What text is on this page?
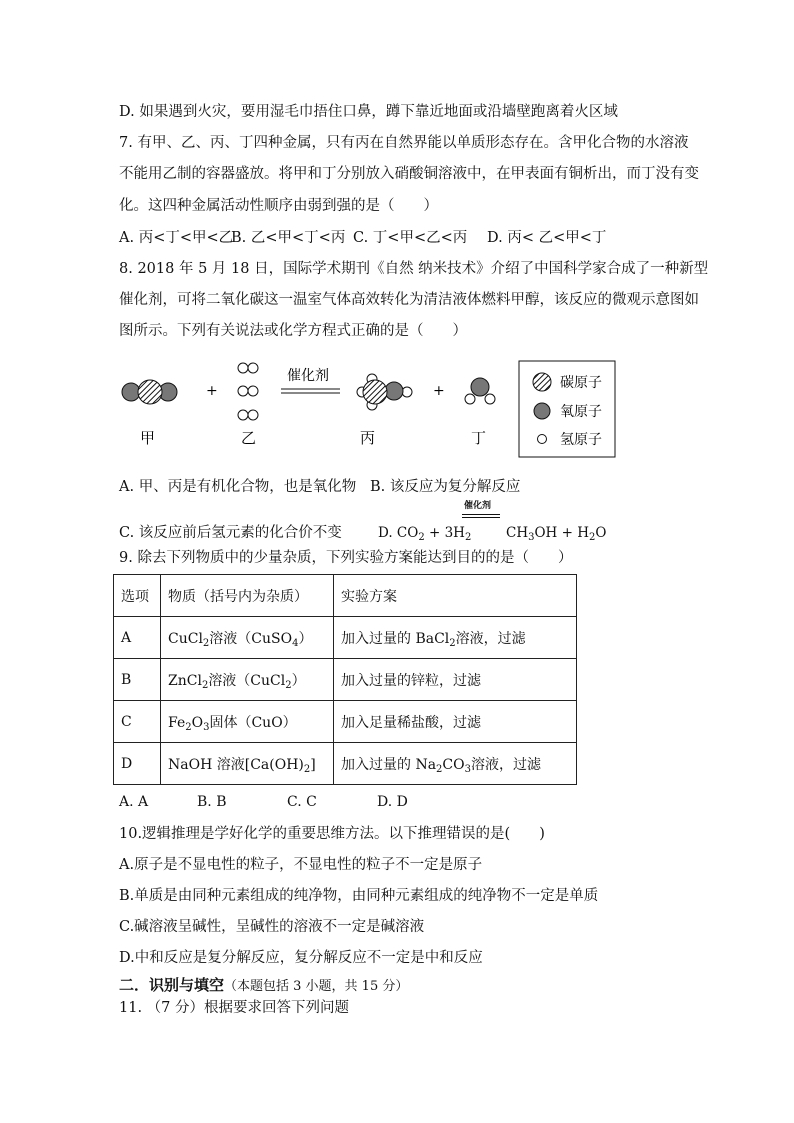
D. 如果遇到火灾，要用湿毛巾捂住口鼻，蹲下靠近地面或沿墙壁跑离着火区域
7. 有甲、乙、丙、丁四种金属，只有丙在自然界能以单质形态存在。含甲化合物的水溶液
不能用乙制的容器盛放。将甲和丁分别放入硝酸铜溶液中，在甲表面有铜析出，而丁没有变
化。这四种金属活动性顺序由弱到强的是（　　）
A. 丙<丁<甲<乙B. 乙<甲<丁<丙 C. 丁<甲<乙<丙 D. 丙< 乙<甲<丁
8. 2018 年 5 月 18 日，国际学术期刊《自然 纳米技术》介绍了中国科学家合成了一种新型
催化剂，可将二氧化碳这一温室气体高效转化为清洁液体燃料甲醇，该反应的微观示意图如
图所示。下列有关说法或化学方程式正确的是（　　）
+
催化剂
+	碳原子
氧原子
氢原子
甲	乙	丙	丁
A. 甲、丙是有机化合物，也是氧化物 B. 该反应为复分解反应
催化剂
C. 该反应前后氢元素的化合价不变	D. $CO_2 + 3H_2$	$CH_3OH + H_2O$
9. 除去下列物质中的少量杂质，下列实验方案能达到目的的是（　　）
选项	物质（括号内为杂质）	实验方案
A	CuCl$_2$溶液（CuSO$_4$）	加入过量的 BaCl$_2$溶液，过滤
B	ZnCl$_2$溶液（CuCl$_2$）	加入过量的锌粒，过滤
C	$Fe_2O_3$固体（CuO）	加入足量稀盐酸，过滤
D	NaOH 溶液$[Ca(OH)_2]$	加入过量的 $Na_2CO_3$溶液，过滤
A. A	B. B	C. C	D. D
10.逻辑推理是学好化学的重要思维方法。以下推理错误的是(　　)
A.原子是不显电性的粒子，不显电性的粒子不一定是原子
B.单质是由同种元素组成的纯净物，由同种元素组成的纯净物不一定是单质
C.碱溶液呈碱性，呈碱性的溶液不一定是碱溶液
D.中和反应是复分解反应，复分解反应不一定是中和反应
二．识别与填空（本题包括 3 小题，共 15 分）
11. （7 分）根据要求回答下列问题
